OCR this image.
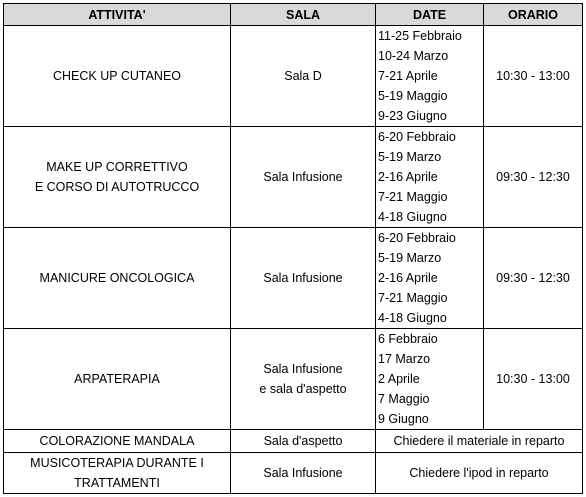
ATTIVITA'	SALA	DATE	ORARIO

CHECK UP CUTANEO	Sala D	11-25 Febbraio
10-24 Marzo
7-21 Aprile
5-19 Maggio
9-23 Giugno	10:30 - 13:00

MAKE UP CORRETTIVO
E CORSO DI AUTOTRUCCO	Sala Infusione	6-20 Febbraio
5-19 Marzo
2-16 Aprile
7-21 Maggio
4-18 Giugno	09:30 - 12:30

MANICURE ONCOLOGICA	Sala Infusione	6-20 Febbraio
5-19 Marzo
2-16 Aprile
7-21 Maggio
4-18 Giugno	09:30 - 12:30

ARPATERAPIA	Sala Infusione
e sala d'aspetto	6 Febbraio
17 Marzo
2 Aprile
7 Maggio
9 Giugno	10:30 - 13:00

COLORAZIONE MANDALA	Sala d'aspetto	Chiedere il materiale in reparto	

MUSICOTERAPIA DURANTE I
TRATTAMENTI	Sala Infusione	Chiedere l'ipod in reparto	
